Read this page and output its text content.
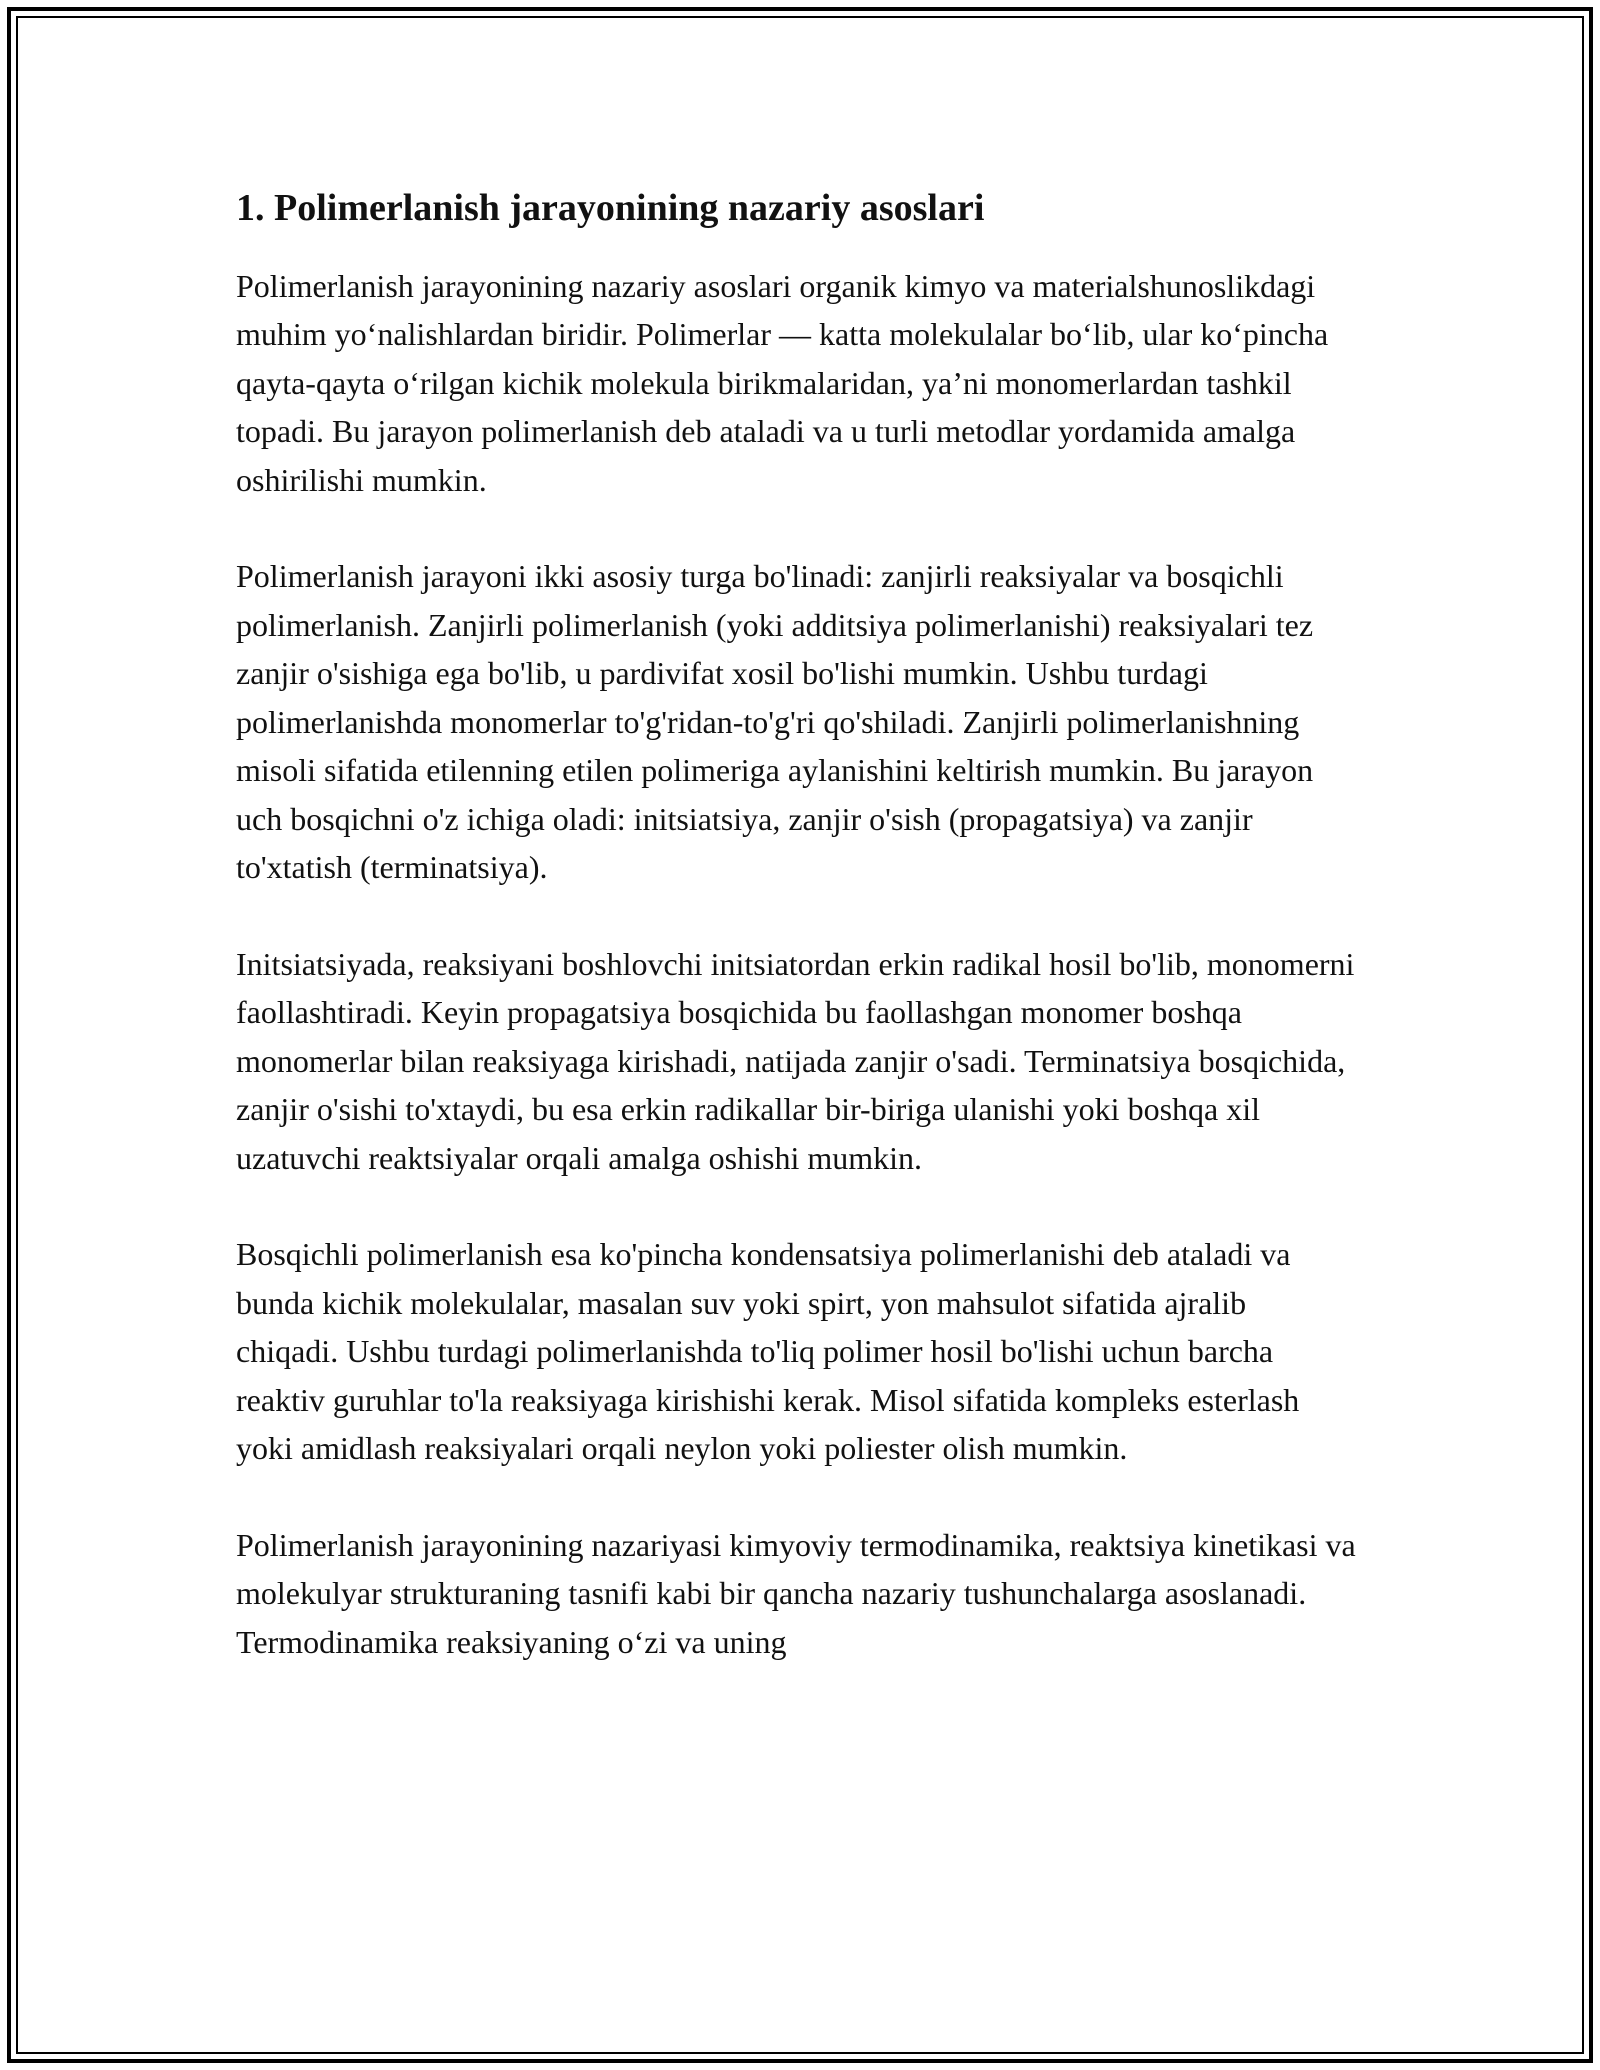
1. Polimerlanish jarayonining nazariy asoslari

Polimerlanish jarayonining nazariy asoslari organik kimyo va materialshunoslikdagi muhim yo‘nalishlardan biridir. Polimerlar — katta molekulalar bo‘lib, ular ko‘pincha qayta-qayta o‘rilgan kichik molekula birikmalaridan, ya’ni monomerlardan tashkil topadi. Bu jarayon polimerlanish deb ataladi va u turli metodlar yordamida amalga oshirilishi mumkin.

Polimerlanish jarayoni ikki asosiy turga bo'linadi: zanjirli reaksiyalar va bosqichli polimerlanish. Zanjirli polimerlanish (yoki additsiya polimerlanishi) reaksiyalari tez zanjir o'sishiga ega bo'lib, u pardivifat xosil bo'lishi mumkin. Ushbu turdagi polimerlanishda monomerlar to'g'ridan-to'g'ri qo'shiladi. Zanjirli polimerlanishning misoli sifatida etilenning etilen polimeriga aylanishini keltirish mumkin. Bu jarayon uch bosqichni o'z ichiga oladi: initsiatsiya, zanjir o'sish (propagatsiya) va zanjir to'xtatish (terminatsiya).

Initsiatsiyada, reaksiyani boshlovchi initsiatordan erkin radikal hosil bo'lib, monomerni faollashtiradi. Keyin propagatsiya bosqichida bu faollashgan monomer boshqa monomerlar bilan reaksiyaga kirishadi, natijada zanjir o'sadi. Terminatsiya bosqichida, zanjir o'sishi to'xtaydi, bu esa erkin radikallar bir-biriga ulanishi yoki boshqa xil uzatuvchi reaktsiyalar orqali amalga oshishi mumkin.

Bosqichli polimerlanish esa ko'pincha kondensatsiya polimerlanishi deb ataladi va bunda kichik molekulalar, masalan suv yoki spirt, yon mahsulot sifatida ajralib chiqadi. Ushbu turdagi polimerlanishda to'liq polimer hosil bo'lishi uchun barcha reaktiv guruhlar to'la reaksiyaga kirishishi kerak. Misol sifatida kompleks esterlash yoki amidlash reaksiyalari orqali neylon yoki poliester olish mumkin.

Polimerlanish jarayonining nazariyasi kimyoviy termodinamika, reaktsiya kinetikasi va molekulyar strukturaning tasnifi kabi bir qancha nazariy tushunchalarga asoslanadi. Termodinamika reaksiyaning o‘zi va uning
